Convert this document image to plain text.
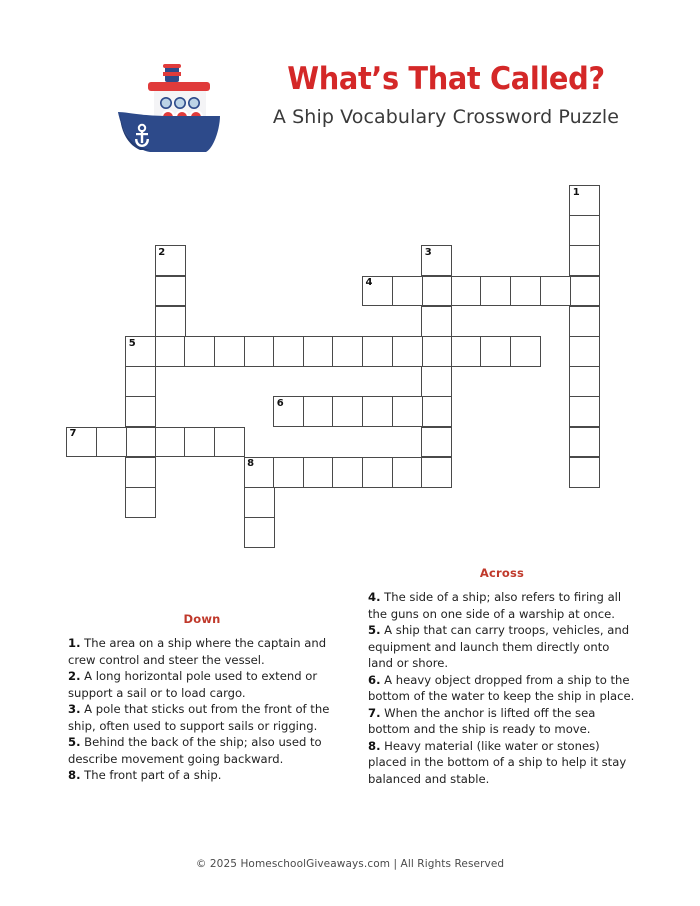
What’s That Called?

A Ship Vocabulary Crossword Puzzle

1
2	3
4
5
6
7
8

Across

4. The side of a ship; also refers to firing all the guns on one side of a warship at once.
5. A ship that can carry troops, vehicles, and equipment and launch them directly onto land or shore.
6. A heavy object dropped from a ship to the bottom of the water to keep the ship in place.
7. When the anchor is lifted off the sea bottom and the ship is ready to move.
8. Heavy material (like water or stones) placed in the bottom of a ship to help it stay balanced and stable.

Down

1. The area on a ship where the captain and crew control and steer the vessel.
2. A long horizontal pole used to extend or support a sail or to load cargo.
3. A pole that sticks out from the front of the ship, often used to support sails or rigging.
5. Behind the back of the ship; also used to describe movement going backward.
8. The front part of a ship.

© 2025 HomeschoolGiveaways.com | All Rights Reserved
